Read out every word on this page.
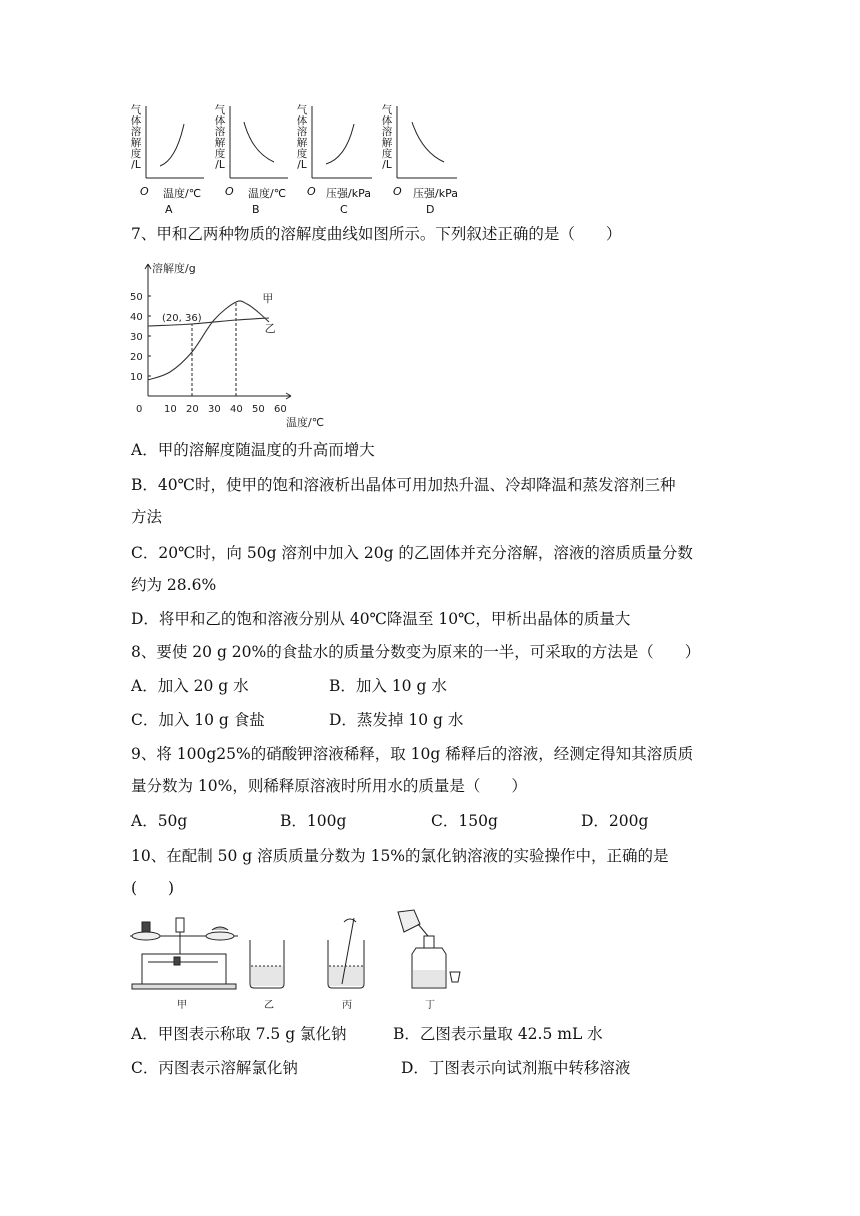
气
体
溶
解
度
/L
气
体
溶
解
度
/L
气
体
溶
解
度
/L
气
体
溶
解
度
/L
O 温度/℃
A
O 温度/℃
B
O 压强/kPa
C
O 压强/kPa
D
7、甲和乙两种物质的溶解度曲线如图所示。下列叙述正确的是（　　）
0 10 20 30 40 50 60
10
20
30
40
50
溶解度/g
温度/℃
(20, 36)
甲
乙
A．甲的溶解度随温度的升高而增大
B．40℃时，使甲的饱和溶液析出晶体可用加热升温、冷却降温和蒸发溶剂三种
方法
C．20℃时，向 50g 溶剂中加入 20g 的乙固体并充分溶解，溶液的溶质质量分数
约为 28.6%
D．将甲和乙的饱和溶液分别从 40℃降温至 10℃，甲析出晶体的质量大
8、要使 20 g 20%的食盐水的质量分数变为原来的一半，可采取的方法是（　　）
A．加入 20 g 水	B．加入 10 g 水
C．加入 10 g 食盐	D．蒸发掉 10 g 水
9、将 100g25%的硝酸钾溶液稀释，取 10g 稀释后的溶液，经测定得知其溶质质
量分数为 10%，则稀释原溶液时所用水的质量是（　　）
A．50g	B．100g	C．150g	D．200g
10、在配制 50 g 溶质质量分数为 15%的氯化钠溶液的实验操作中，正确的是
(　　)
甲	乙	丙	丁
A．甲图表示称取 7.5 g 氯化钠	B．乙图表示量取 42.5 mL 水
C．丙图表示溶解氯化钠	D．丁图表示向试剂瓶中转移溶液
